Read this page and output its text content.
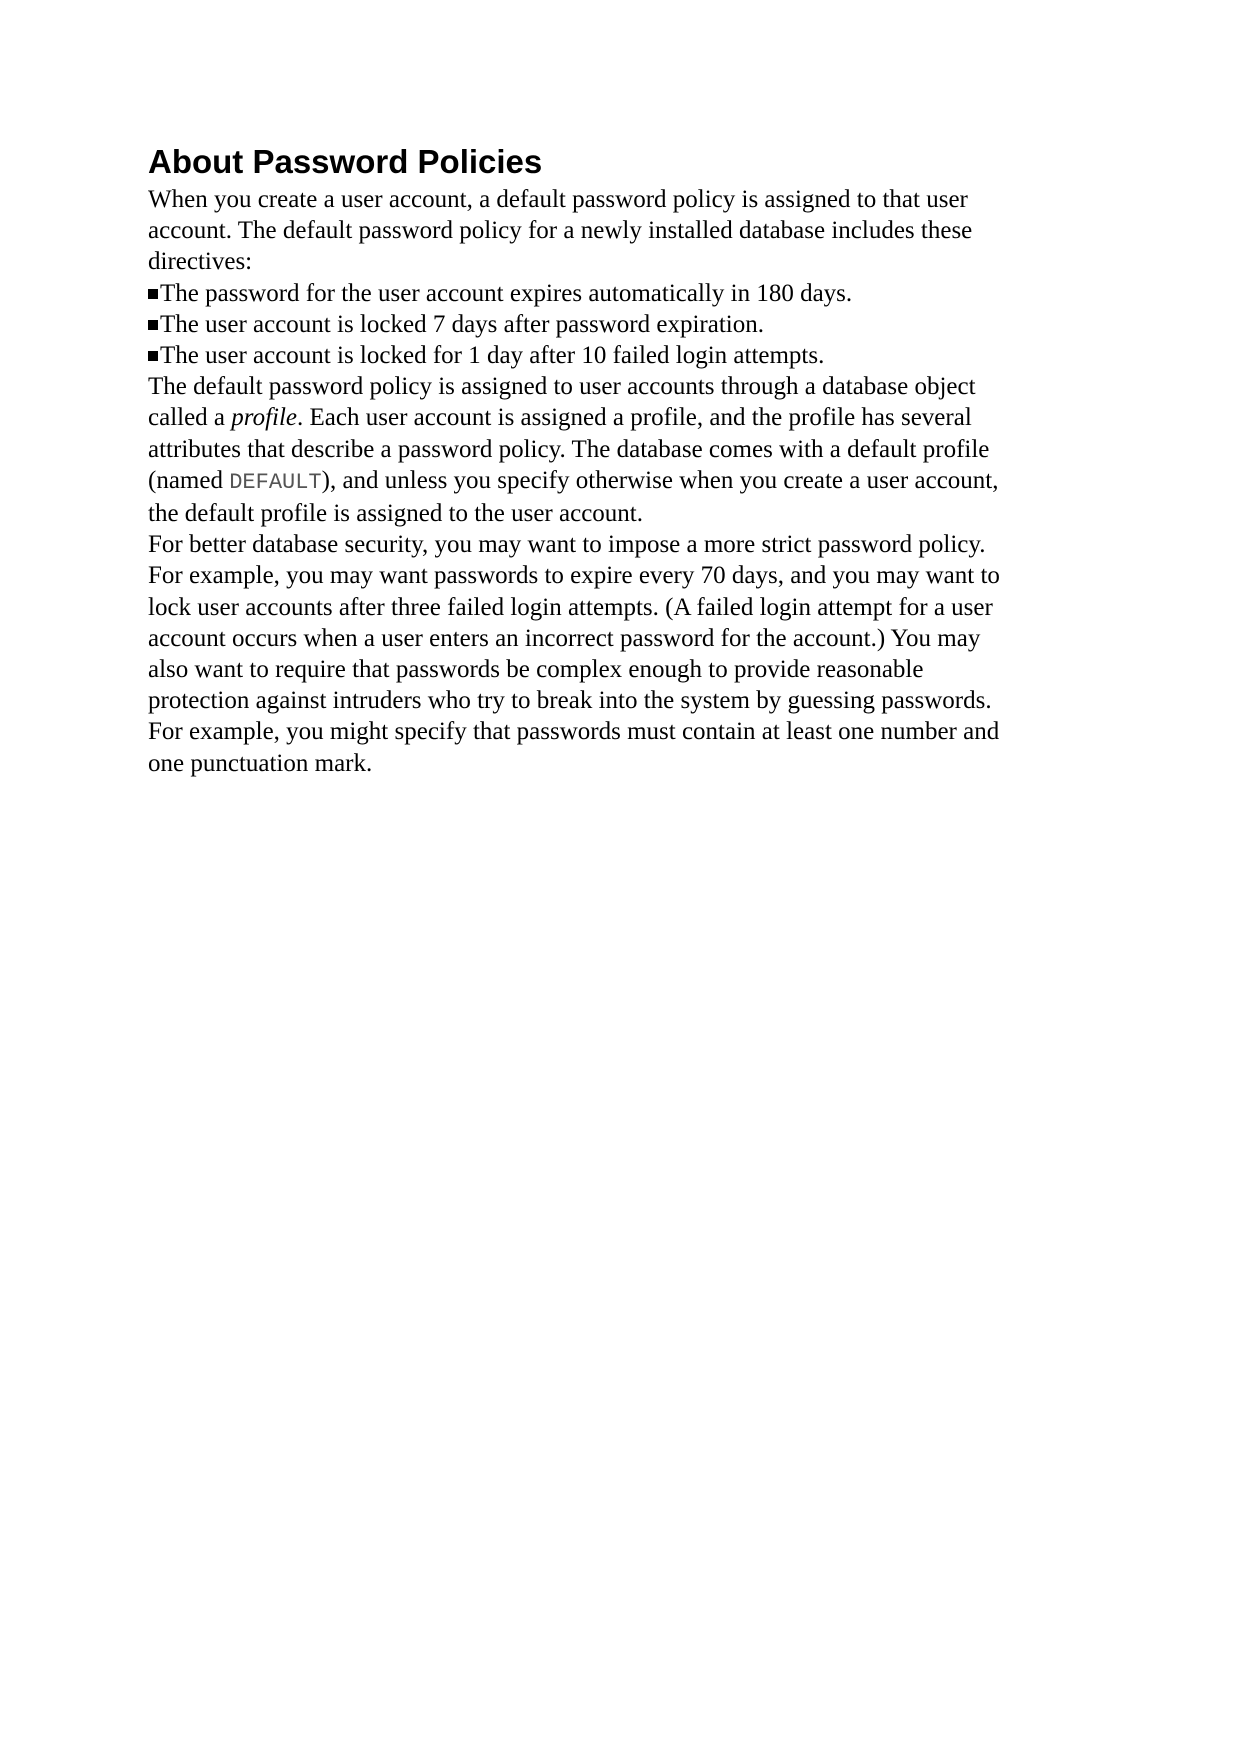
About Password Policies

When you create a user account, a default password policy is assigned to that user
account. The default password policy for a newly installed database includes these
directives:

The password for the user account expires automatically in 180 days.
The user account is locked 7 days after password expiration.
The user account is locked for 1 day after 10 failed login attempts.

The default password policy is assigned to user accounts through a database object
called a profile. Each user account is assigned a profile, and the profile has several
attributes that describe a password policy. The database comes with a default profile
(named DEFAULT), and unless you specify otherwise when you create a user account,
the default profile is assigned to the user account.

For better database security, you may want to impose a more strict password policy.
For example, you may want passwords to expire every 70 days, and you may want to
lock user accounts after three failed login attempts. (A failed login attempt for a user
account occurs when a user enters an incorrect password for the account.) You may
also want to require that passwords be complex enough to provide reasonable
protection against intruders who try to break into the system by guessing passwords.
For example, you might specify that passwords must contain at least one number and
one punctuation mark.
